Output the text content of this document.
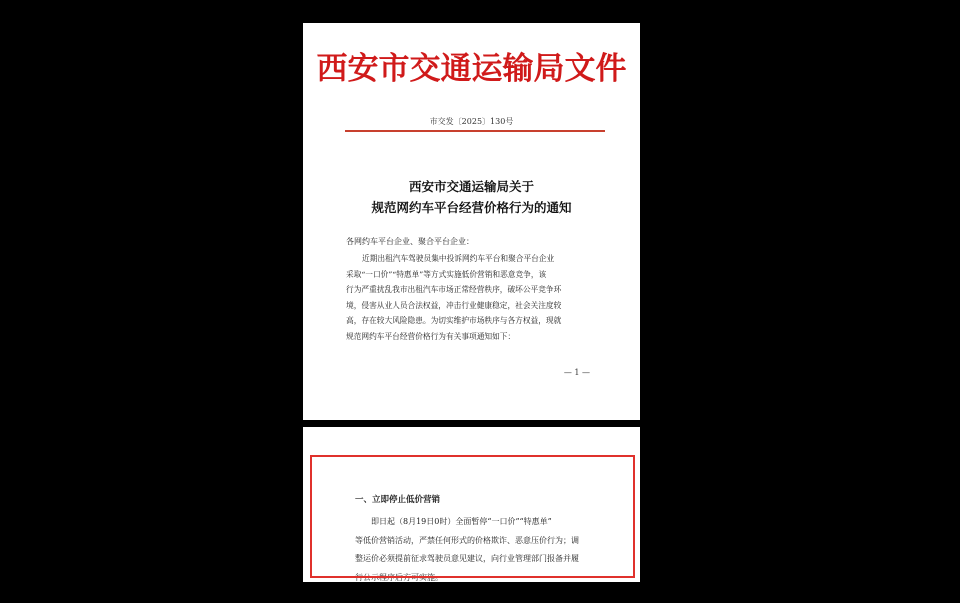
西安市交通运输局文件
市交发〔2025〕130号
西安市交通运输局关于
规范网约车平台经营价格行为的通知
各网约车平台企业、聚合平台企业：
近期出租汽车驾驶员集中投诉网约车平台和聚合平台企业
采取“一口价”“特惠单”等方式实施低价营销和恶意竞争，该
行为严重扰乱我市出租汽车市场正常经营秩序，破坏公平竞争环
境，侵害从业人员合法权益，冲击行业健康稳定，社会关注度较
高，存在较大风险隐患。为切实维护市场秩序与各方权益，现就
规范网约车平台经营价格行为有关事项通知如下：
— 1 —
一、立即停止低价营销
即日起（8月19日0时）全面暂停“一口价”“特惠单”
等低价营销活动，严禁任何形式的价格欺诈、恶意压价行为；调
整运价必须提前征求驾驶员意见建议，向行业管理部门报备并履
行公示程序后方可实施。
